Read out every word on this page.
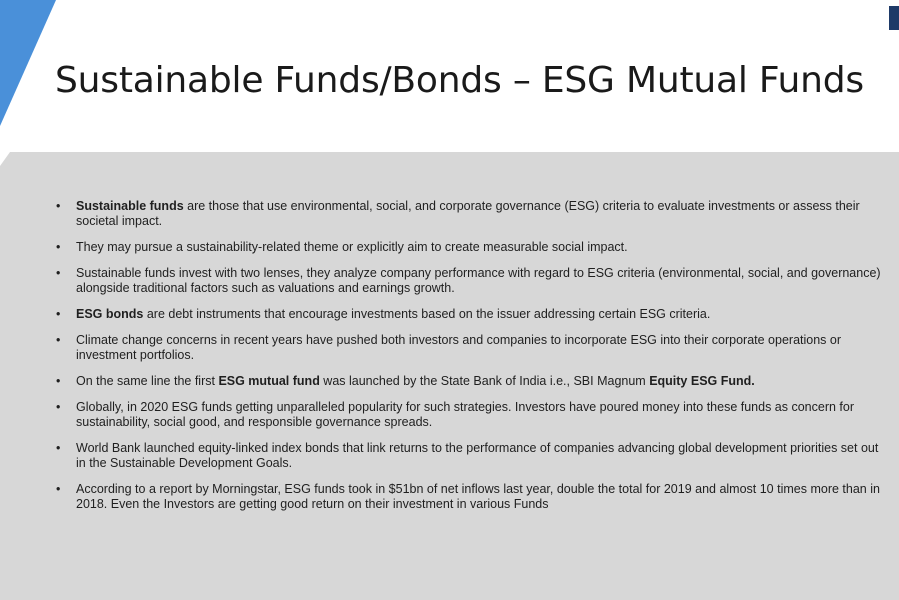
Sustainable Funds/Bonds – ESG Mutual Funds
• Sustainable funds are those that use environmental, social, and corporate governance (ESG) criteria to evaluate investments or assess their societal impact.
• They may pursue a sustainability-related theme or explicitly aim to create measurable social impact.
• Sustainable funds invest with two lenses, they analyze company performance with regard to ESG criteria (environmental, social, and governance) alongside traditional factors such as valuations and earnings growth.
• ESG bonds are debt instruments that encourage investments based on the issuer addressing certain ESG criteria.
• Climate change concerns in recent years have pushed both investors and companies to incorporate ESG into their corporate operations or investment portfolios.
• On the same line the first ESG mutual fund was launched by the State Bank of India i.e., SBI Magnum Equity ESG Fund.
• Globally, in 2020 ESG funds getting unparalleled popularity for such strategies. Investors have poured money into these funds as concern for sustainability, social good, and responsible governance spreads.
• World Bank launched equity-linked index bonds that link returns to the performance of companies advancing global development priorities set out in the Sustainable Development Goals.
• According to a report by Morningstar, ESG funds took in $51bn of net inflows last year, double the total for 2019 and almost 10 times more than in 2018. Even the Investors are getting good return on their investment in various Funds
